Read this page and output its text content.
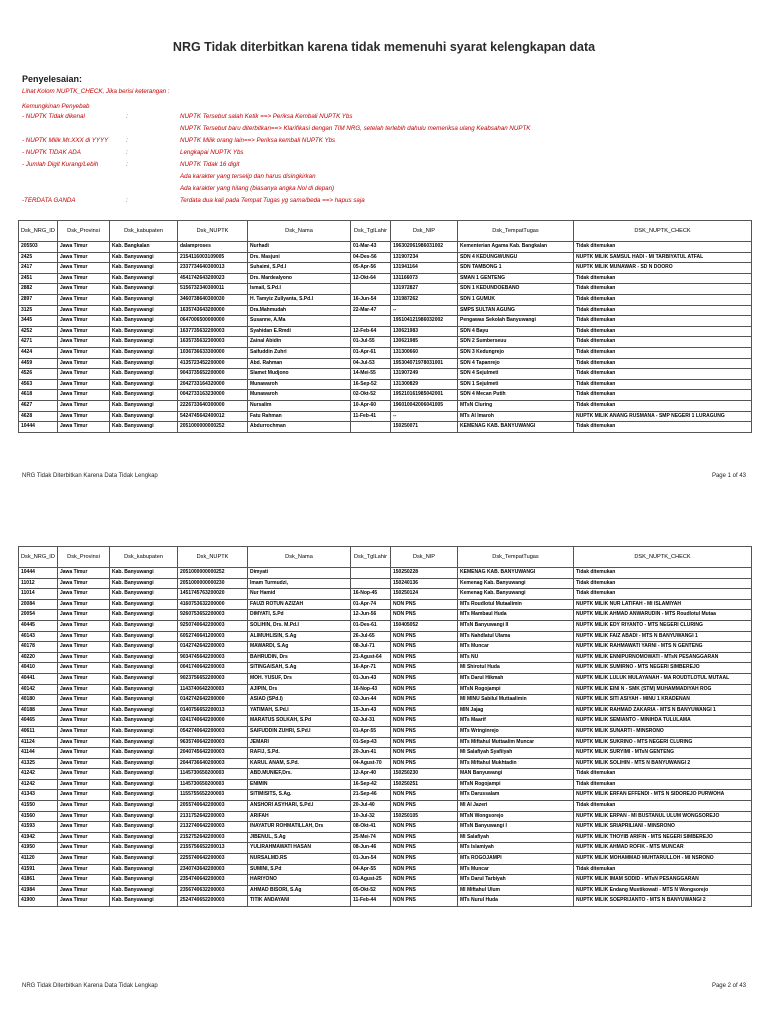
NRG Tidak diterbitkan karena tidak memenuhi syarat kelengkapan data
Penyelesaian:
Lihat Kolom NUPTK_CHECK, Jika berisi keterangan :
Kemungkinan Penyebab
- NUPTK Tidak dikenal	:	NUPTK Tersebut salah Ketik ==> Periksa Kembali NUPTK Ybs
NUPTK Tersebut baru diterbitkan==> Klarifikasi dengan TIM NRG, setelah terlebih dahulu memeriksa ulang Keabsahan NUPTK
- NUPTK Milik Mr.XXX di YYYY	:	NUPTK Milik orang lain==> Periksa kembali NUPTK Ybs
- NUPTK TIDAK ADA	:	Lengkapai NUPTK Ybs
- Jumlah Digit Kurang/Lebih	:	NUPTK Tidak 16 digit
Ada karakter yang terselip dan harus disingkirkan
Ada karakter yang hilang (biasanya angka Nol di depan)
-TERDATA GANDA	:	Terdata dua kali pada Tempat Tugas yg sama/beda ==> hapus saja
Dsk_NRG_ID	Dsk_Provinsi	Dsk_kabupaten	Dsk_NUPTK	Dsk_Nama	Dsk_TglLahir	Dsk_NIP	Dsk_TempatTugas	DSK_NUPTK_CHECK
205503	Jawa Timur	Kab. Bangkalan	dalamproses	Nurhadi	01-Mar-43	196302061986031002	Kementerian Agama Kab. Bangkalan	Tidak ditemukan
2425	Jawa Timur	Kab. Banyuwangi	2154116003109005	Drs. Masjuni	04-Des-56	131907234	SDN 4 KEDUNGWUNGU	NUPTK MILIK SAMSUL HADI - MI TARBIYATUL ATFAL
2417	Jawa Timur	Kab. Banyuwangi	2337734640300013	Suhaimi, S.Pd.I	05-Apr-56	131941164	SDN TAMBONG 1	NUPTK MILIK MUNAWAR - SD N DOORO
2451	Jawa Timur	Kab. Banyuwangi	4541742643200023	Drs. Mardealyono	12-Okt-64	131166073	SMAN 1 GENTENG	Tidak ditemukan
2882	Jawa Timur	Kab. Banyuwangi	5156732340300011	Ismail, S.Pd.I		131972827	SDN 1 KEDUNDOEBANO	Tidak ditemukan
2897	Jawa Timur	Kab. Banyuwangi	3460738640300030	H. Tamyiz Zullyanta, S.Pd.I	16-Jun-54	131987262	SDN 1 GUMUK	Tidak ditemukan
3125	Jawa Timur	Kab. Banyuwangi	1635743643200000	Dra.Mahmudah	22-Mar-47	--	SMPS SULTAN AGUNG	Tidak ditemukan
3445	Jawa Timur	Kab. Banyuwangi	0647006500000000	Susanne, A.Ma		195104121986032002	Pengawas Sekolah Banyuwangi	Tidak ditemukan
4252	Jawa Timur	Kab. Banyuwangi	1637735632200003	Syahidan E.Rmdi	12-Feb-64	130621983	SDN 4 Bayu	Tidak ditemukan
4271	Jawa Timur	Kab. Banyuwangi	1635735632300003	Zainal Abidin	01-Jul-55	130621985	SDN 2 Sumberseuu	Tidak ditemukan
4424	Jawa Timur	Kab. Banyuwangi	1036736633300000	Saifuddin Zuhri	01-Apr-61	131300660	SDN 3 Kedungrejo	Tidak ditemukan
4459	Jawa Timur	Kab. Banyuwangi	4135723452200000	Abd. Rahman	04-Jul-53	195304071978031001	SDN 4 Tapanrejo	Tidak ditemukan
4526	Jawa Timur	Kab. Banyuwangi	9043735652200000	Slamet Mudjono	14-Mei-55	131907249	SDN 4 Sejulmeti	Tidak ditemukan
4563	Jawa Timur	Kab. Banyuwangi	2042733164320000	Munawaroh	16-Sep-52	131300829	SDN 1 Sejulmeti	Tidak ditemukan
4618	Jawa Timur	Kab. Banyuwangi	0042733163230000	Munawaroh	02-Okt-52	195210161985042001	SDN 4 Mecan Putih	Tidak ditemukan
4627	Jawa Timur	Kab. Banyuwangi	2226733640300000	Nursalim	10-Apr-60	196010042006041005	MTsN Cluring	Tidak ditemukan
4628	Jawa Timur	Kab. Banyuwangi	5424745642400012	Fatu Rahman	11-Feb-41	--	MTs Al Imaroh	NUPTK MILIK ANANG RUSMANA - SMP NEGERI 1 LURAGUNG
10444	Jawa Timur	Kab. Banyuwangi	2051000000000252	Abdurrochman		150250071	KEMENAG KAB. BANYUWANGI	Tidak ditemukan
NRG Tidak Diterbitkan Karena Data Tidak Lengkap	Page 1 of 43
Dsk_NRG_ID	Dsk_Provinsi	Dsk_kabupaten	Dsk_NUPTK	Dsk_Nama	Dsk_TglLahir	Dsk_NIP	Dsk_TempatTugas	DSK_NUPTK_CHECK
10444	Jawa Timur	Kab. Banyuwangi	2051000000000252	Dimyati		150250228	KEMENAG KAB. BANYUWANGI	Tidak ditemukan
11012	Jawa Timur	Kab. Banyuwangi	2051000000000230	Imam Turmudzi,		150240136	Kemenag Kab. Banyuwangi	Tidak ditemukan
11014	Jawa Timur	Kab. Banyuwangi	1451745763200020	Nur Hamid	16-Nop-45	150250124	Kemenag Kab. Banyuwangi	Tidak ditemukan
20084	Jawa Timur	Kab. Banyuwangi	4160753632200000	FAUZI ROTUN AZIZAH	01-Apr-74	NON PNS	MTs Roudlotul Mutaalimin	NUPTK MILIK NUR LATIFAH - MI ISLAMIYAH
20054	Jawa Timur	Kab. Banyuwangi	9260753652200003	DIMYATI, S.Pd	12-Jun-56	NON PNS	MTs Mambaul Huda	NUPTK MILIK AHMAD ANWARUDIN - MTS Roudlotul Mutaa
40445	Jawa Timur	Kab. Banyuwangi	9250740642200003	SOLIHIN, Drs. M.Pd.I	01-Des-61	150405052	MTsN Banyuwangi II	NUPTK MILIK EDY RIYANTO - MTS NEGERI CLURING
40143	Jawa Timur	Kab. Banyuwangi	6052740641200003	ALIMUHLISIN, S.Ag	26-Jul-65	NON PNS	MTs Nahdlatul Ulama	NUPTK MILIK FAIZ ABADI - MTS N BANYUWANGI 1
40178	Jawa Timur	Kab. Banyuwangi	0142742642200003	MAWARDI, S.Ag	08-Jul-71	NON PNS	MTs Muncar	NUPTK MILIK RAHMAWATI YARNI - MTS N GENTENG
40220	Jawa Timur	Kab. Banyuwangi	9034745642200003	BAHRUDIN, Drs	21-Agust-64	NON PNS	MTs NU	NUPTK MILIK ENNIPURNOMOWATI - MTsN PESANGGARAN
40410	Jawa Timur	Kab. Banyuwangi	0041740642200003	SITINGAISAH, S.Ag	16-Apr-71	NON PNS	MI Shirotul Huda	NUPTK MILIK SUMIRNO - MTS NEGERI SIMBEREJO
40441	Jawa Timur	Kab. Banyuwangi	9023756652200003	MOH. YUSUF, Drs	01-Jun-43	NON PNS	MTs Darul Hikmah	NUPTK MILIK LULUK MULAYANAH - MA ROUDTLOTUL MUTAAL
40142	Jawa Timur	Kab. Banyuwangi	1143740642200003	AJIPIN, Drs	16-Nop-43	NON PNS	MTsN Rogojampi	NUPTK MILIK EINI N - SMK (STM) MUHAMMADIYAH ROG
40180	Jawa Timur	Kab. Banyuwangi	0142742642200000	ASIAD (SPd.I)	02-Jun-44	NON PNS	MI MINU Sabilul Muttaalimin	NUPTK MILIK SITI ASIYAH - MINU 1 KRADENAN
40188	Jawa Timur	Kab. Banyuwangi	0140756652200013	YATIMAH, S.Pd.I	15-Jun-43	NON PNS	MIN Jajag	NUPTK MILIK RAHMAD ZAKARIA - MTS N BANYUWANGI 1
40465	Jawa Timur	Kab. Banyuwangi	0241740642200000	MARATUS SOLKAH, S.Pd	02-Jul-31	NON PNS	MTs Maarif	NUPTK MILIK SEMIANTO - MINIHDA TULULAMA
40611	Jawa Timur	Kab. Banyuwangi	0542740642200003	SAIFUDDIN ZUHRI, S.Pd.I	01-Apr-55	NON PNS	MTs Wringinrejo	NUPTK MILIK SUNARTI - MINSRONO
41124	Jawa Timur	Kab. Banyuwangi	9635740642200003	JEMARI	01-Sep-43	NON PNS	MTs Miftahul Muttaalim Muncar	NUPTK MILIK SUKRINO - MTS NEGERI CLURING
41144	Jawa Timur	Kab. Banyuwangi	2040745642200003	RAFIJ, S.Pd.	20-Jun-41	NON PNS	MI Salafiyah Syafiiyah	NUPTK MILIK SURYIMI - MTsN GENTENG
41325	Jawa Timur	Kab. Banyuwangi	2044736640200003	KARUL ANAM, S.Pd.	04-Agust-70	NON PNS	MTs Miftahul Mukhtadin	NUPTK MILIK SOLIHIN - MTS N BANYUWANGI 2
41242	Jawa Timur	Kab. Banyuwangi	1145730650200003	ABD.MUNIEF,Drs.	12-Apr-40	150250230	MAN Banyuwangi	Tidak ditemukan
41242	Jawa Timur	Kab. Banyuwangi	1145730650200003	ENIMIN	16-Sep-42	150250251	MTsN Rogojampi	Tidak ditemukan
41343	Jawa Timur	Kab. Banyuwangi	1155755652200003	SITIMISITS, S.Ag.	21-Sep-46	NON PNS	MTs Darussalam	NUPTK MILIK ERFAN EFFENDI - MTS N SIDOREJO PURWOHA
41550	Jawa Timur	Kab. Banyuwangi	2055740642200003	ANSHORI ASYHARI, S.Pd.I	20-Jul-40	NON PNS	MI Al Jazeri	Tidak ditemukan
41560	Jawa Timur	Kab. Banyuwangi	2131752642200003	ARIFAH	10-Jul-32	150250105	MTsN Wongsorejo	NUPTK MILIK ERPAN - MI BUSTANUL ULUM WONGSOREJO
41593	Jawa Timur	Kab. Banyuwangi	2132740642200003	INAYATUR ROHMATILLAH, Drs	08-Okt-41	NON PNS	MTsN Banyuwangi I	NUPTK MILIK SRIAPRILIANI - MINSRONO
41942	Jawa Timur	Kab. Banyuwangi	2152752642200003	JIBENUL, S.Ag	25-Mei-74	NON PNS	MI Salafiyah	NUPTK MILIK THOYIB ARIFIN - MTS NEGERI SIMBEREJO
41950	Jawa Timur	Kab. Banyuwangi	2155756652200013	YULIRAHMAWATI HASAN	08-Jun-46	NON PNS	MTs Islamiyah	NUPTK MILIK AHMAD ROFIK - MTS MUNCAR
41120	Jawa Timur	Kab. Banyuwangi	2255740642200003	NURSALMD.RS	01-Jun-54	NON PNS	MTs ROGOJAMPI	NUPTK MILIK MOHAMMAD MUHTARULLOH - MI NSRONO
41591	Jawa Timur	Kab. Banyuwangi	2340743642200003	SUMINI, S.Pd	04-Apr-55	NON PNS	MTs Muncar	Tidak ditemukan
41861	Jawa Timur	Kab. Banyuwangi	2354740642200003	HARIYONO	01-Agust-25	NON PNS	MTs Darul Tarbiyah	NUPTK MILIK IMAM SODID - MTsN PESANGGARAN
41984	Jawa Timur	Kab. Banyuwangi	2356740632200003	AHMAD BISORI, S.Ag	05-Okt-52	NON PNS	MI Miftahul Ulum	NUPTK MILIK Endang Mustikowati - MTS N Wongsorejo
41900	Jawa Timur	Kab. Banyuwangi	2524740652200003	TITIK ANDAYANI	11-Feb-44	NON PNS	MTs Nurul Huda	NUPTK MILIK SOEPRIJANTO - MTS N BANYUWANGI 2
NRG Tidak Diterbitkan Karena Data Tidak Lengkap	Page 2 of 43
